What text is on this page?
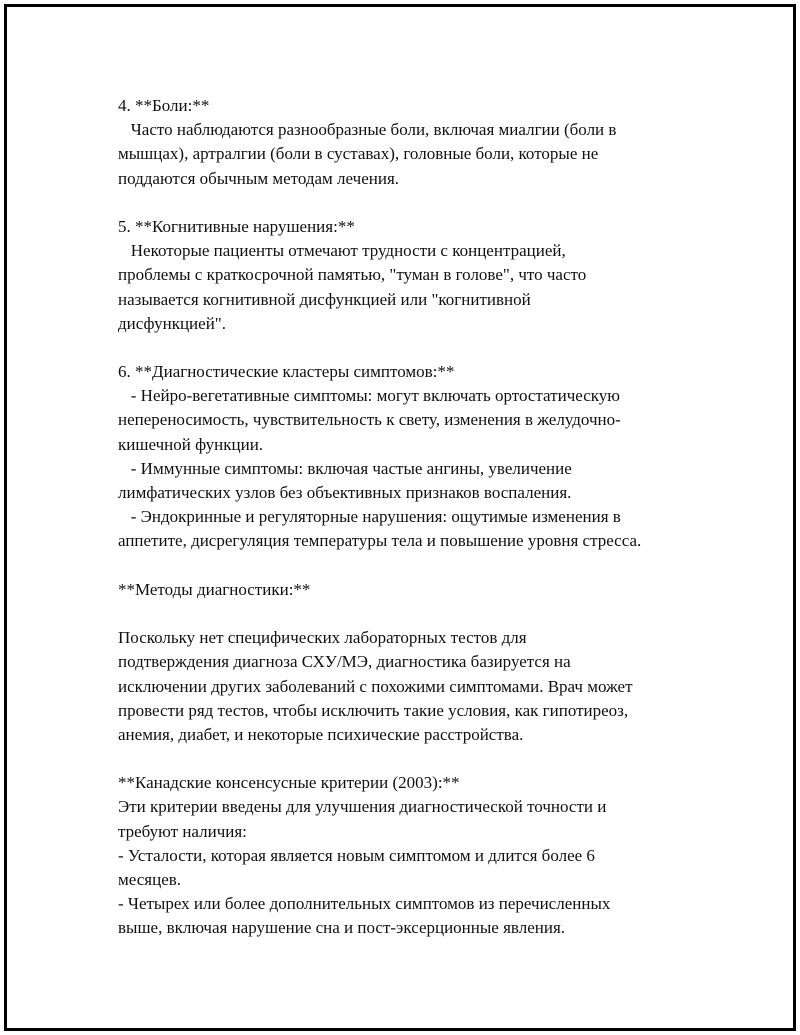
4. **Боли:**
Часто наблюдаются разнообразные боли, включая миалгии (боли в
мышцах), артралгии (боли в суставах), головные боли, которые не
поддаются обычным методам лечения.
5. **Когнитивные нарушения:**
Некоторые пациенты отмечают трудности с концентрацией,
проблемы с краткосрочной памятью, "туман в голове", что часто
называется когнитивной дисфункцией или "когнитивной
дисфункцией".
6. **Диагностические кластеры симптомов:**
- Нейро-вегетативные симптомы: могут включать ортостатическую
непереносимость, чувствительность к свету, изменения в желудочно-
кишечной функции.
- Иммунные симптомы: включая частые ангины, увеличение
лимфатических узлов без объективных признаков воспаления.
- Эндокринные и регуляторные нарушения: ощутимые изменения в
аппетите, дисрегуляция температуры тела и повышение уровня стресса.
**Методы диагностики:**
Поскольку нет специфических лабораторных тестов для
подтверждения диагноза СХУ/МЭ, диагностика базируется на
исключении других заболеваний с похожими симптомами. Врач может
провести ряд тестов, чтобы исключить такие условия, как гипотиреоз,
анемия, диабет, и некоторые психические расстройства.
**Канадские консенсусные критерии (2003):**
Эти критерии введены для улучшения диагностической точности и
требуют наличия:
- Усталости, которая является новым симптомом и длится более 6
месяцев.
- Четырех или более дополнительных симптомов из перечисленных
выше, включая нарушение сна и пост-эксерционные явления.
